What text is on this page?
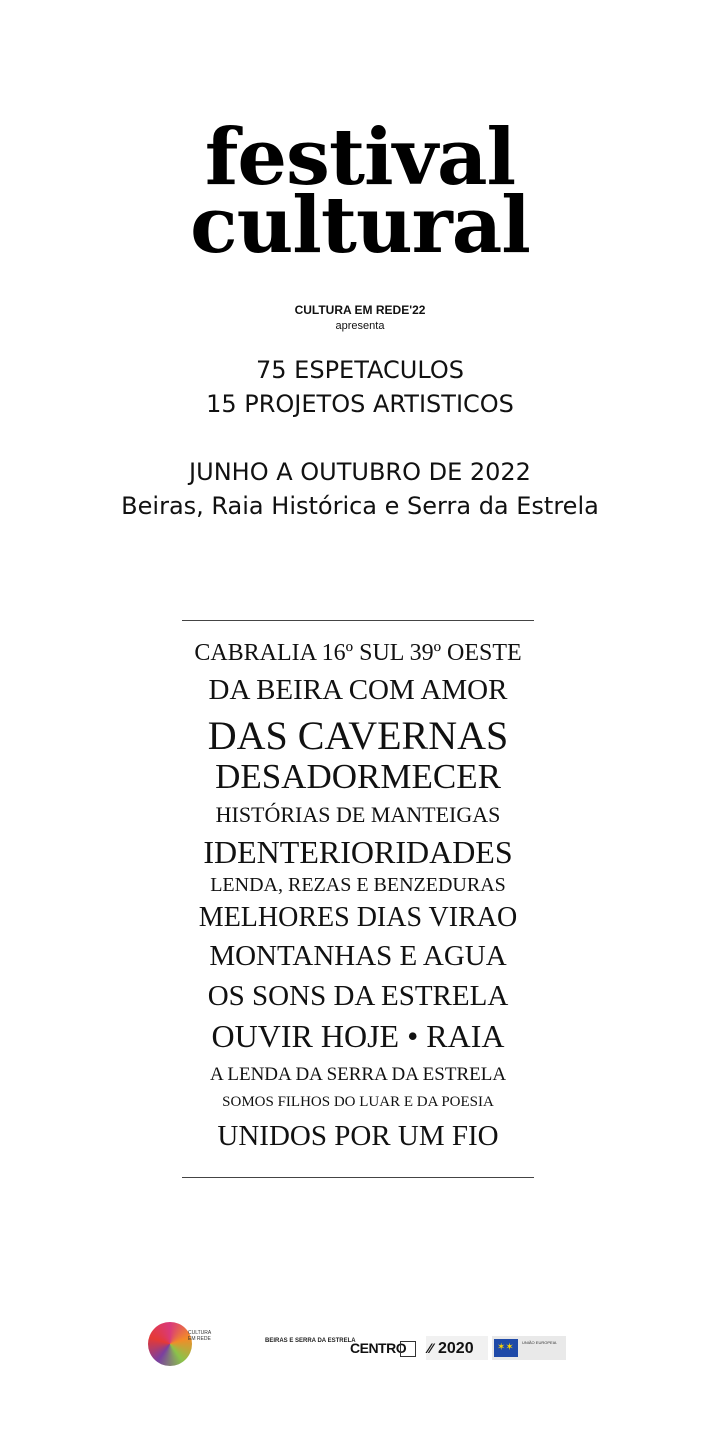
festival
cultural
CULTURA EM REDE'22
apresenta
75 ESPETACULOS
15 PROJETOS ARTISTICOS
JUNHO A OUTUBRO DE 2022
Beiras, Raia Histórica e Serra da Estrela
CABRALIA 16º SUL 39º OESTE
DA BEIRA COM AMOR
DAS CAVERNAS
DESADORMECER
HISTÓRIAS DE MANTEIGAS
IDENTERIORIDADES
LENDA, REZAS E BENZEDURAS
MELHORES DIAS VIRAO
MONTANHAS E AGUA
OS SONS DA ESTRELA
OUVIR HOJE • RAIA
A LENDA DA SERRA DA ESTRELA
SOMOS FILHOS DO LUAR E DA POESIA
UNIDOS POR UM FIO
CULTURA EM REDE	BEIRAS E SERRA DA ESTRELA
CENTRO ⁄⁄ 2020 ✶✶ UNIÃO EUROPEIA
